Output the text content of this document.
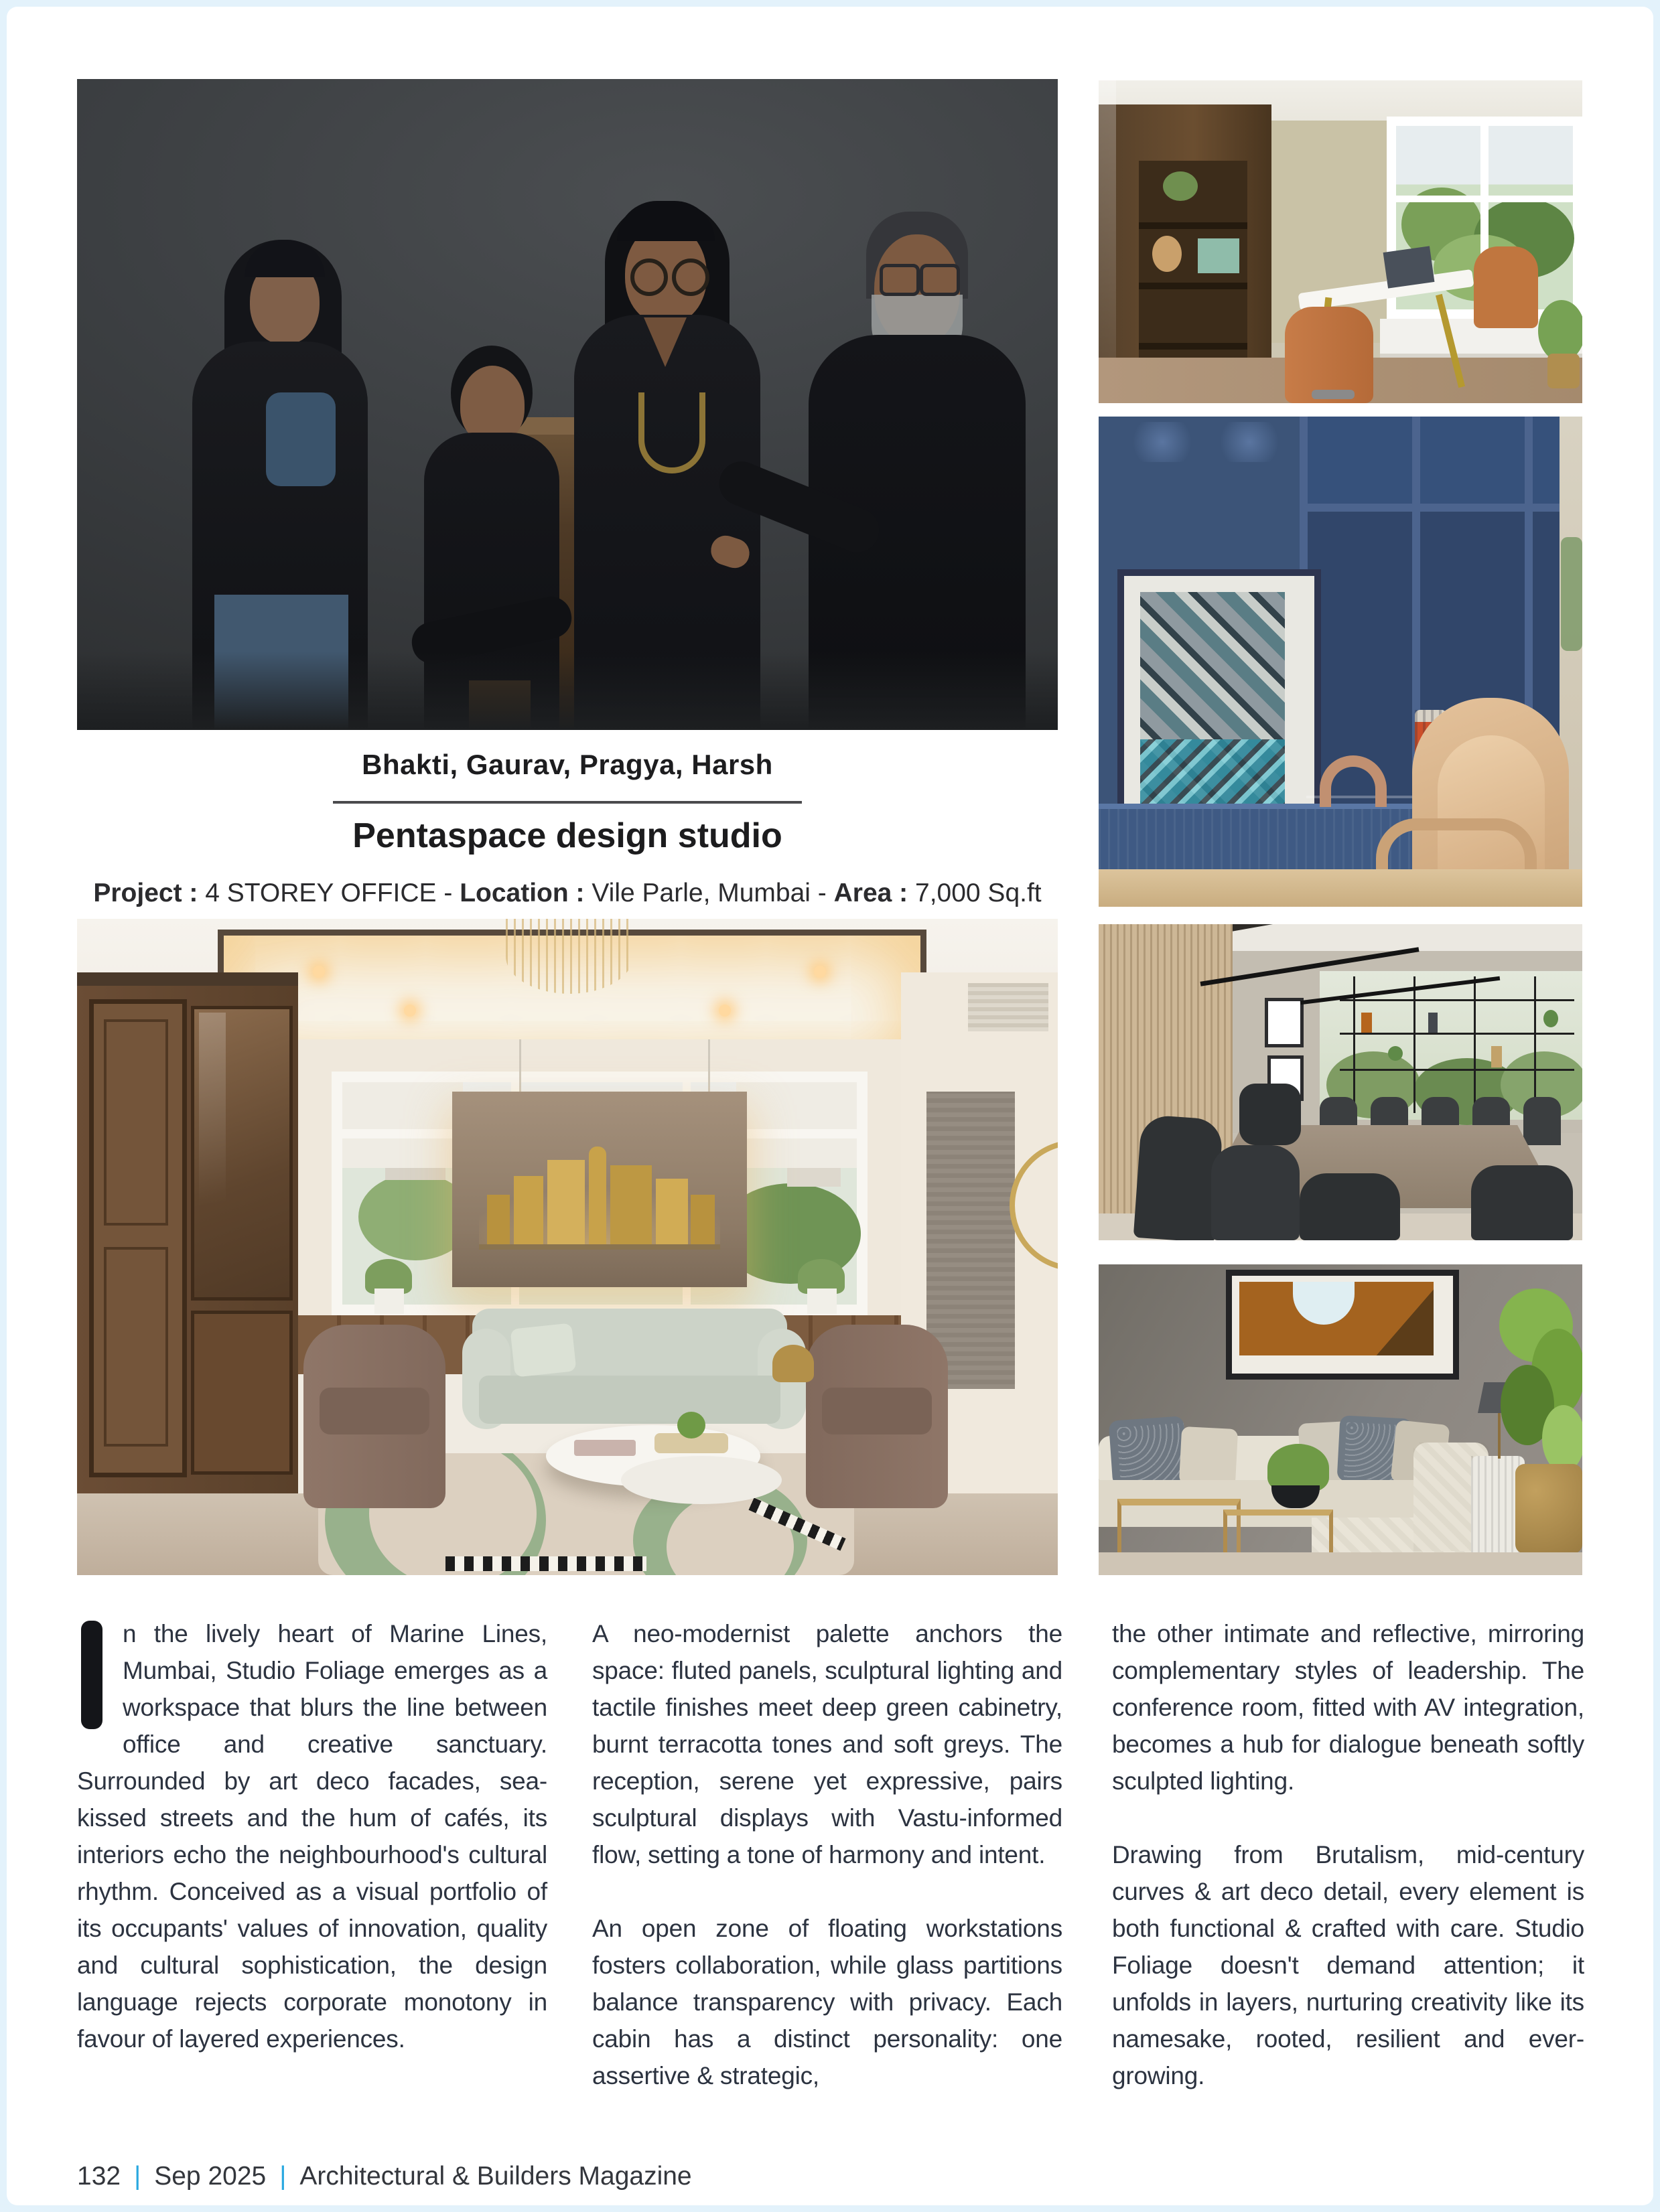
Bhakti, Gaurav, Pragya, Harsh
Pentaspace design studio
Project : 4 STOREY OFFICE - Location : Vile Parle, Mumbai - Area : 7,000 Sq.ft

n the lively heart of Marine Lines, Mumbai, Studio Foliage emerges as a workspace that blurs the line between office and creative sanctuary. Surrounded by art deco facades, sea-kissed streets and the hum of cafés, its interiors echo the neighbourhood's cultural rhythm. Conceived as a visual portfolio of its occupants' values of innovation, quality and cultural sophistication, the design language rejects corporate monotony in favour of layered experiences.

A neo-modernist palette anchors the space: fluted panels, sculptural lighting and tactile finishes meet deep green cabinetry, burnt terracotta tones and soft greys. The reception, serene yet expressive, pairs sculptural displays with Vastu-informed flow, setting a tone of harmony and intent.

An open zone of floating workstations fosters collaboration, while glass partitions balance transparency with privacy. Each cabin has a distinct personality: one assertive & strategic,

the other intimate and reflective, mirroring complementary styles of leadership. The conference room, fitted with AV integration, becomes a hub for dialogue beneath softly sculpted lighting.

Drawing from Brutalism, mid-century curves & art deco detail, every element is both functional & crafted with care. Studio Foliage doesn't demand attention; it unfolds in layers, nurturing creativity like its namesake, rooted, resilient and ever-growing.

132 | Sep 2025 | Architectural & Builders Magazine
